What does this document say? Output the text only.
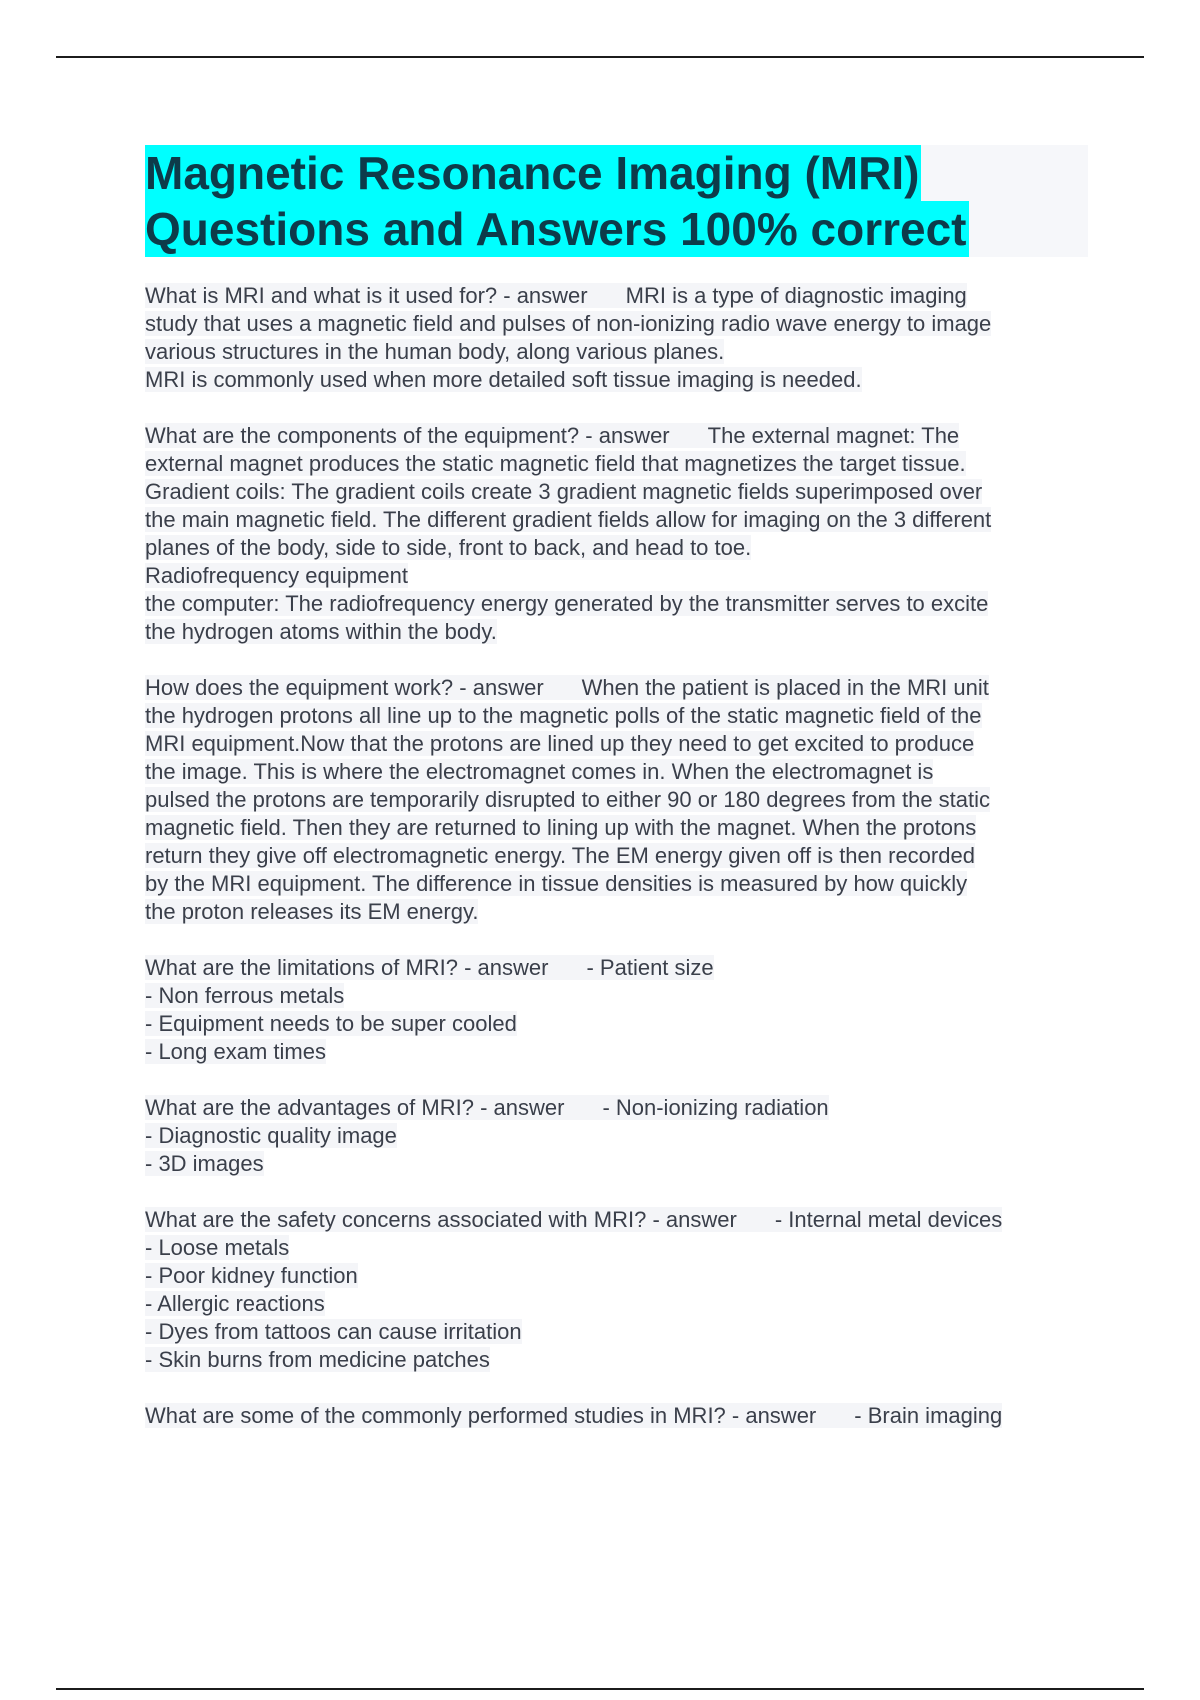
Magnetic Resonance Imaging (MRI)
Questions and Answers 100% correct
What is MRI and what is it used for? - answer MRI is a type of diagnostic imaging
study that uses a magnetic field and pulses of non-ionizing radio wave energy to image
various structures in the human body, along various planes.
MRI is commonly used when more detailed soft tissue imaging is needed.
What are the components of the equipment? - answer The external magnet: The
external magnet produces the static magnetic field that magnetizes the target tissue.
Gradient coils: The gradient coils create 3 gradient magnetic fields superimposed over
the main magnetic field. The different gradient fields allow for imaging on the 3 different
planes of the body, side to side, front to back, and head to toe.
Radiofrequency equipment
the computer: The radiofrequency energy generated by the transmitter serves to excite
the hydrogen atoms within the body.
How does the equipment work? - answer When the patient is placed in the MRI unit
the hydrogen protons all line up to the magnetic polls of the static magnetic field of the
MRI equipment.Now that the protons are lined up they need to get excited to produce
the image. This is where the electromagnet comes in. When the electromagnet is
pulsed the protons are temporarily disrupted to either 90 or 180 degrees from the static
magnetic field. Then they are returned to lining up with the magnet. When the protons
return they give off electromagnetic energy. The EM energy given off is then recorded
by the MRI equipment. The difference in tissue densities is measured by how quickly
the proton releases its EM energy.
What are the limitations of MRI? - answer - Patient size
- Non ferrous metals
- Equipment needs to be super cooled
- Long exam times
What are the advantages of MRI? - answer - Non-ionizing radiation
- Diagnostic quality image
- 3D images
What are the safety concerns associated with MRI? - answer - Internal metal devices
- Loose metals
- Poor kidney function
- Allergic reactions
- Dyes from tattoos can cause irritation
- Skin burns from medicine patches
What are some of the commonly performed studies in MRI? - answer - Brain imaging
